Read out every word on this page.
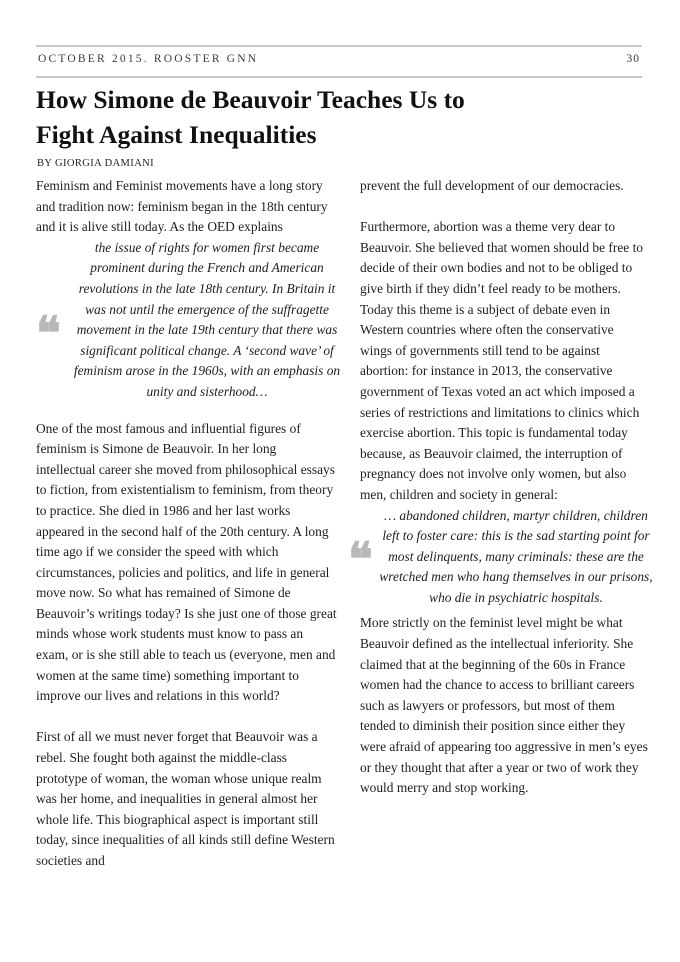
OCTOBER 2015. ROOSTER GNN	30
How Simone de Beauvoir Teaches Us to
Fight Against Inequalities
BY GIORGIA DAMIANI

Feminism and Feminist movements have a long story and tradition now: feminism began in the 18th century and it is alive still today. As the OED explains

❝
the issue of rights for women first became prominent during the French and American revolutions in the late 18th century. In Britain it was not until the emergence of the suffragette movement in the late 19th century that there was significant political change. A ‘second wave’ of feminism arose in the 1960s, with an emphasis on unity and sisterhood…

One of the most famous and influential figures of feminism is Simone de Beauvoir. In her long intellectual career she moved from philosophical essays to fiction, from existentialism to feminism, from theory to practice. She died in 1986 and her last works appeared in the second half of the 20th century. A long time ago if we consider the speed with which circumstances, policies and politics, and life in general move now. So what has remained of Simone de Beauvoir’s writings today? Is she just one of those great minds whose work students must know to pass an exam, or is she still able to teach us (everyone, men and women at the same time) something important to improve our lives and relations in this world?

First of all we must never forget that Beauvoir was a rebel. She fought both against the middle-class prototype of woman, the woman whose unique realm was her home, and inequalities in general almost her whole life. This biographical aspect is important still today, since inequalities of all kinds still define Western societies and

prevent the full development of our democracies.

Furthermore, abortion was a theme very dear to Beauvoir. She believed that women should be free to decide of their own bodies and not to be obliged to give birth if they didn’t feel ready to be mothers. Today this theme is a subject of debate even in Western countries where often the conservative wings of governments still tend to be against abortion: for instance in 2013, the conservative government of Texas voted an act which imposed a series of restrictions and limitations to clinics which exercise abortion. This topic is fundamental today because, as Beauvoir claimed, the interruption of pregnancy does not involve only women, but also men, children and society in general:

❝
… abandoned children, martyr children, children left to foster care: this is the sad starting point for most delinquents, many criminals: these are the wretched men who hang themselves in our prisons, who die in psychiatric hospitals.

More strictly on the feminist level might be what Beauvoir defined as the intellectual inferiority. She claimed that at the beginning of the 60s in France women had the chance to access to brilliant careers such as lawyers or professors, but most of them tended to diminish their position since either they were afraid of appearing too aggressive in men’s eyes or they thought that after a year or two of work they would merry and stop working.
